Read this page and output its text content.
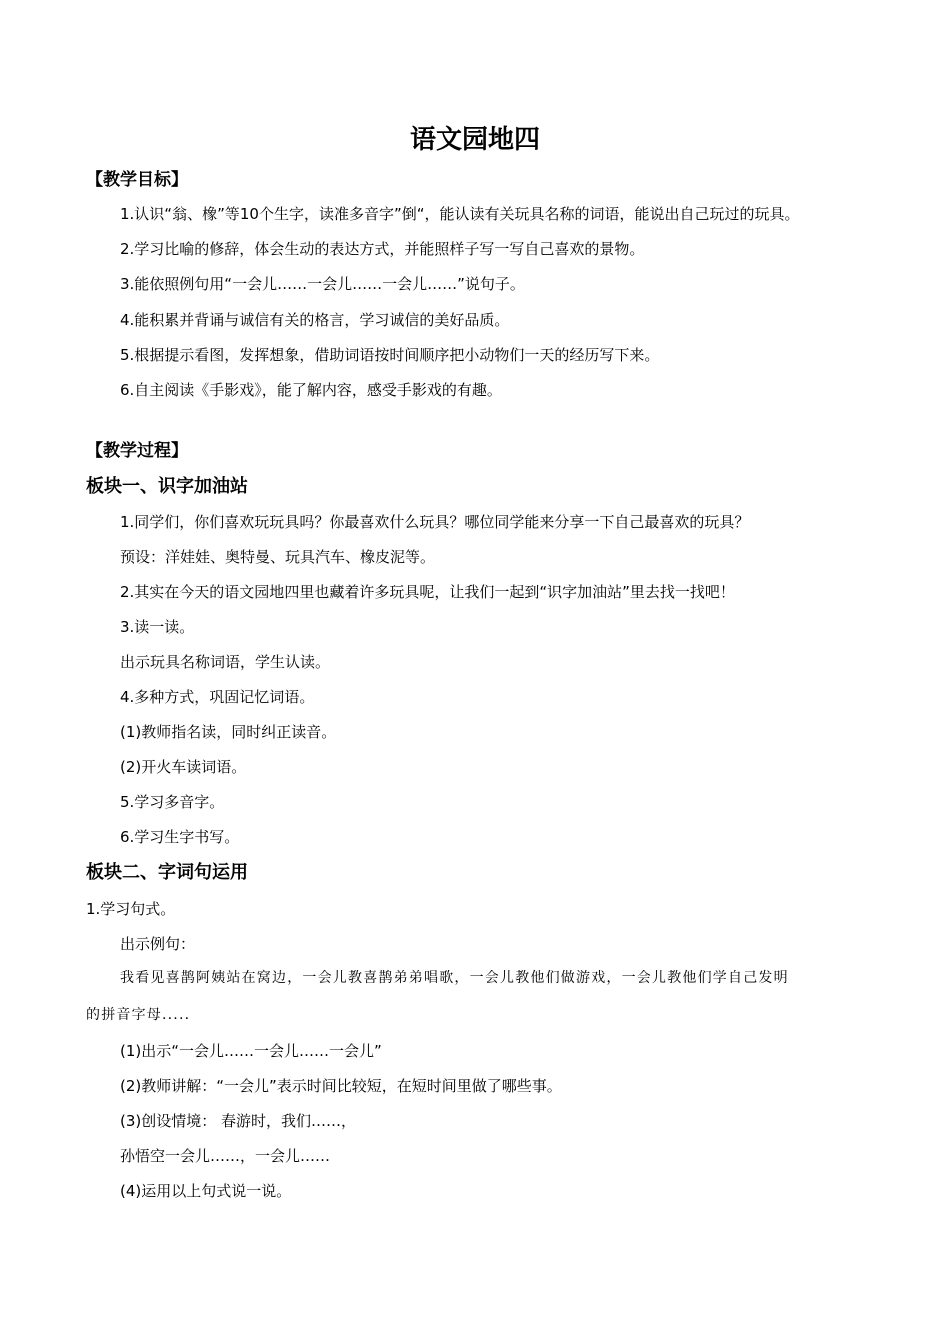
语文园地四
【教学目标】
1.认识“翁、橡”等10个生字，读准多音字”倒“，能认读有关玩具名称的词语，能说出自己玩过的玩具。
2.学习比喻的修辞，体会生动的表达方式，并能照样子写一写自己喜欢的景物。
3.能依照例句用“一会儿……一会儿……一会儿……”说句子。
4.能积累并背诵与诚信有关的格言，学习诚信的美好品质。
5.根据提示看图，发挥想象，借助词语按时间顺序把小动物们一天的经历写下来。
6.自主阅读《手影戏》，能了解内容，感受手影戏的有趣。
【教学过程】
板块一、识字加油站
1.同学们，你们喜欢玩玩具吗？你最喜欢什么玩具？哪位同学能来分享一下自己最喜欢的玩具？
预设：洋娃娃、奥特曼、玩具汽车、橡皮泥等。
2.其实在今天的语文园地四里也藏着许多玩具呢，让我们一起到“识字加油站”里去找一找吧！
3.读一读。
出示玩具名称词语，学生认读。
4.多种方式，巩固记忆词语。
(1)教师指名读，同时纠正读音。
(2)开火车读词语。
5.学习多音字。
6.学习生字书写。
板块二、字词句运用
1.学习句式。
出示例句：
我看见喜鹊阿姨站在窝边，一会儿教喜鹊弟弟唱歌，一会儿教他们做游戏，一会儿教他们学自己发明
的拼音字母.....
(1)出示“一会儿……一会儿……一会儿”
(2)教师讲解：“一会儿”表示时间比较短，在短时间里做了哪些事。
(3)创设情境： 春游时，我们……，
孙悟空一会儿……，一会儿……
(4)运用以上句式说一说。
